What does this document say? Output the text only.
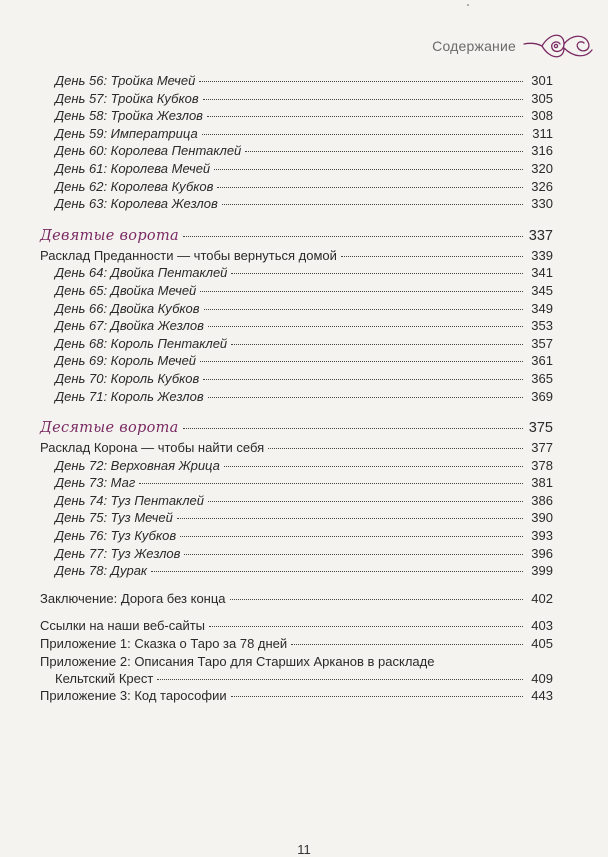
Содержание
День 56: Тройка Мечей	301
День 57: Тройка Кубков	305
День 58: Тройка Жезлов	308
День 59: Императрица	311
День 60: Королева Пентаклей	316
День 61: Королева Мечей	320
День 62: Королева Кубков	326
День 63: Королева Жезлов	330
Девятые ворота	337
Расклад Преданности — чтобы вернуться домой	339
День 64: Двойка Пентаклей	341
День 65: Двойка Мечей	345
День 66: Двойка Кубков	349
День 67: Двойка Жезлов	353
День 68: Король Пентаклей	357
День 69: Король Мечей	361
День 70: Король Кубков	365
День 71: Король Жезлов	369
Десятые ворота	375
Расклад Корона — чтобы найти себя	377
День 72: Верховная Жрица	378
День 73: Маг	381
День 74: Туз Пентаклей	386
День 75: Туз Мечей	390
День 76: Туз Кубков	393
День 77: Туз Жезлов	396
День 78: Дурак	399
Заключение: Дорога без конца	402
Ссылки на наши веб-сайты	403
Приложение 1: Сказка о Таро за 78 дней	405
Приложение 2: Описания Таро для Старших Арканов в раскладе
Кельтский Крест	409
Приложение 3: Код тарософии	443
11
